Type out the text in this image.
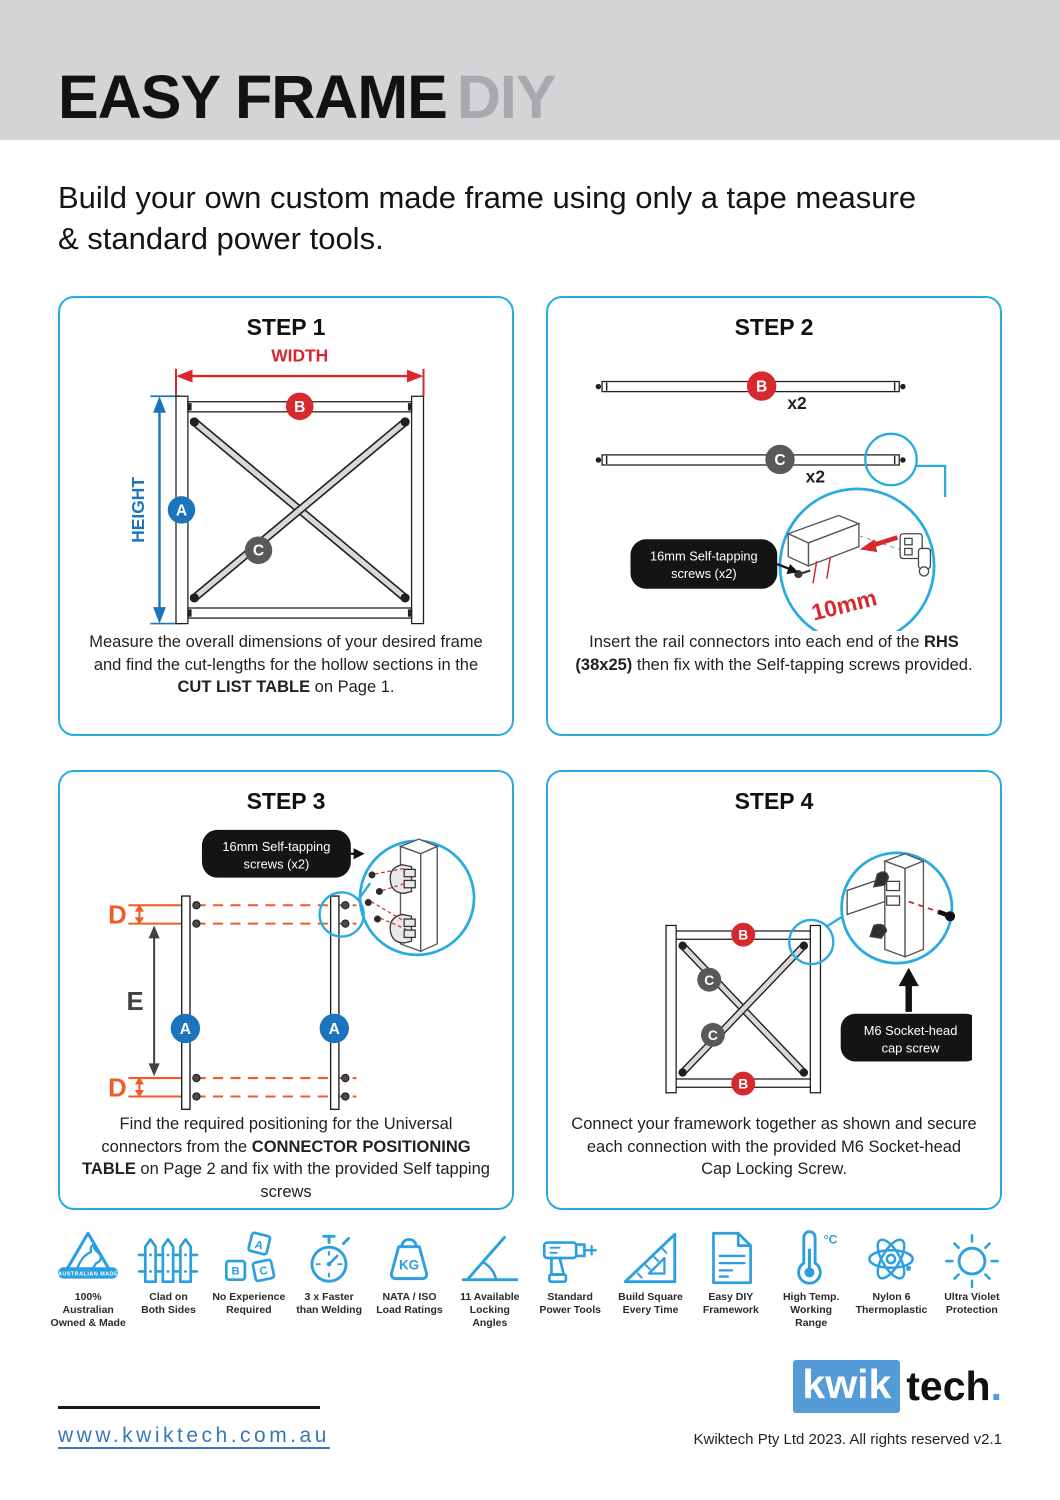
EASY FRAME DIY

Build your own custom made frame using only a tape measure & standard power tools.

STEP 1
WIDTH
HEIGHT
B
A
C

Measure the overall dimensions of your desired frame and find the cut-lengths for the hollow sections in the CUT LIST TABLE on Page 1.

STEP 2
B
x2
C
x2
10mm
16mm Self-tapping
screws (x2)

Insert the rail connectors into each end of the RHS (38x25) then fix with the Self-tapping screws provided.

STEP 3
16mm Self-tapping
screws (x2)
D
D
E
A	A

Find the required positioning for the Universal connectors from the CONNECTOR POSITIONING TABLE on Page 2 and fix with the provided Self tapping screws

STEP 4
B
B
C
C	M6 Socket-head
cap screw

Connect your framework together as shown and secure each connection with the provided M6 Socket-head Cap Locking Screw.

AUSTRALIAN MADE
100% Australian
Owned & Made
Clad on
Both Sides
A
B C
No Experience
Required
3 x Faster
than Welding
KG
NATA / ISO
Load Ratings
11 Available
Locking Angles
Standard
Power Tools
Build Square
Every Time
Easy DIY
Framework
°C
High Temp.
Working Range
Nylon 6
Thermoplastic
Ultra Violet
Protection
www.kwiktech.com.au
kwik tech.
Kwiktech Pty Ltd 2023. All rights reserved v2.1
